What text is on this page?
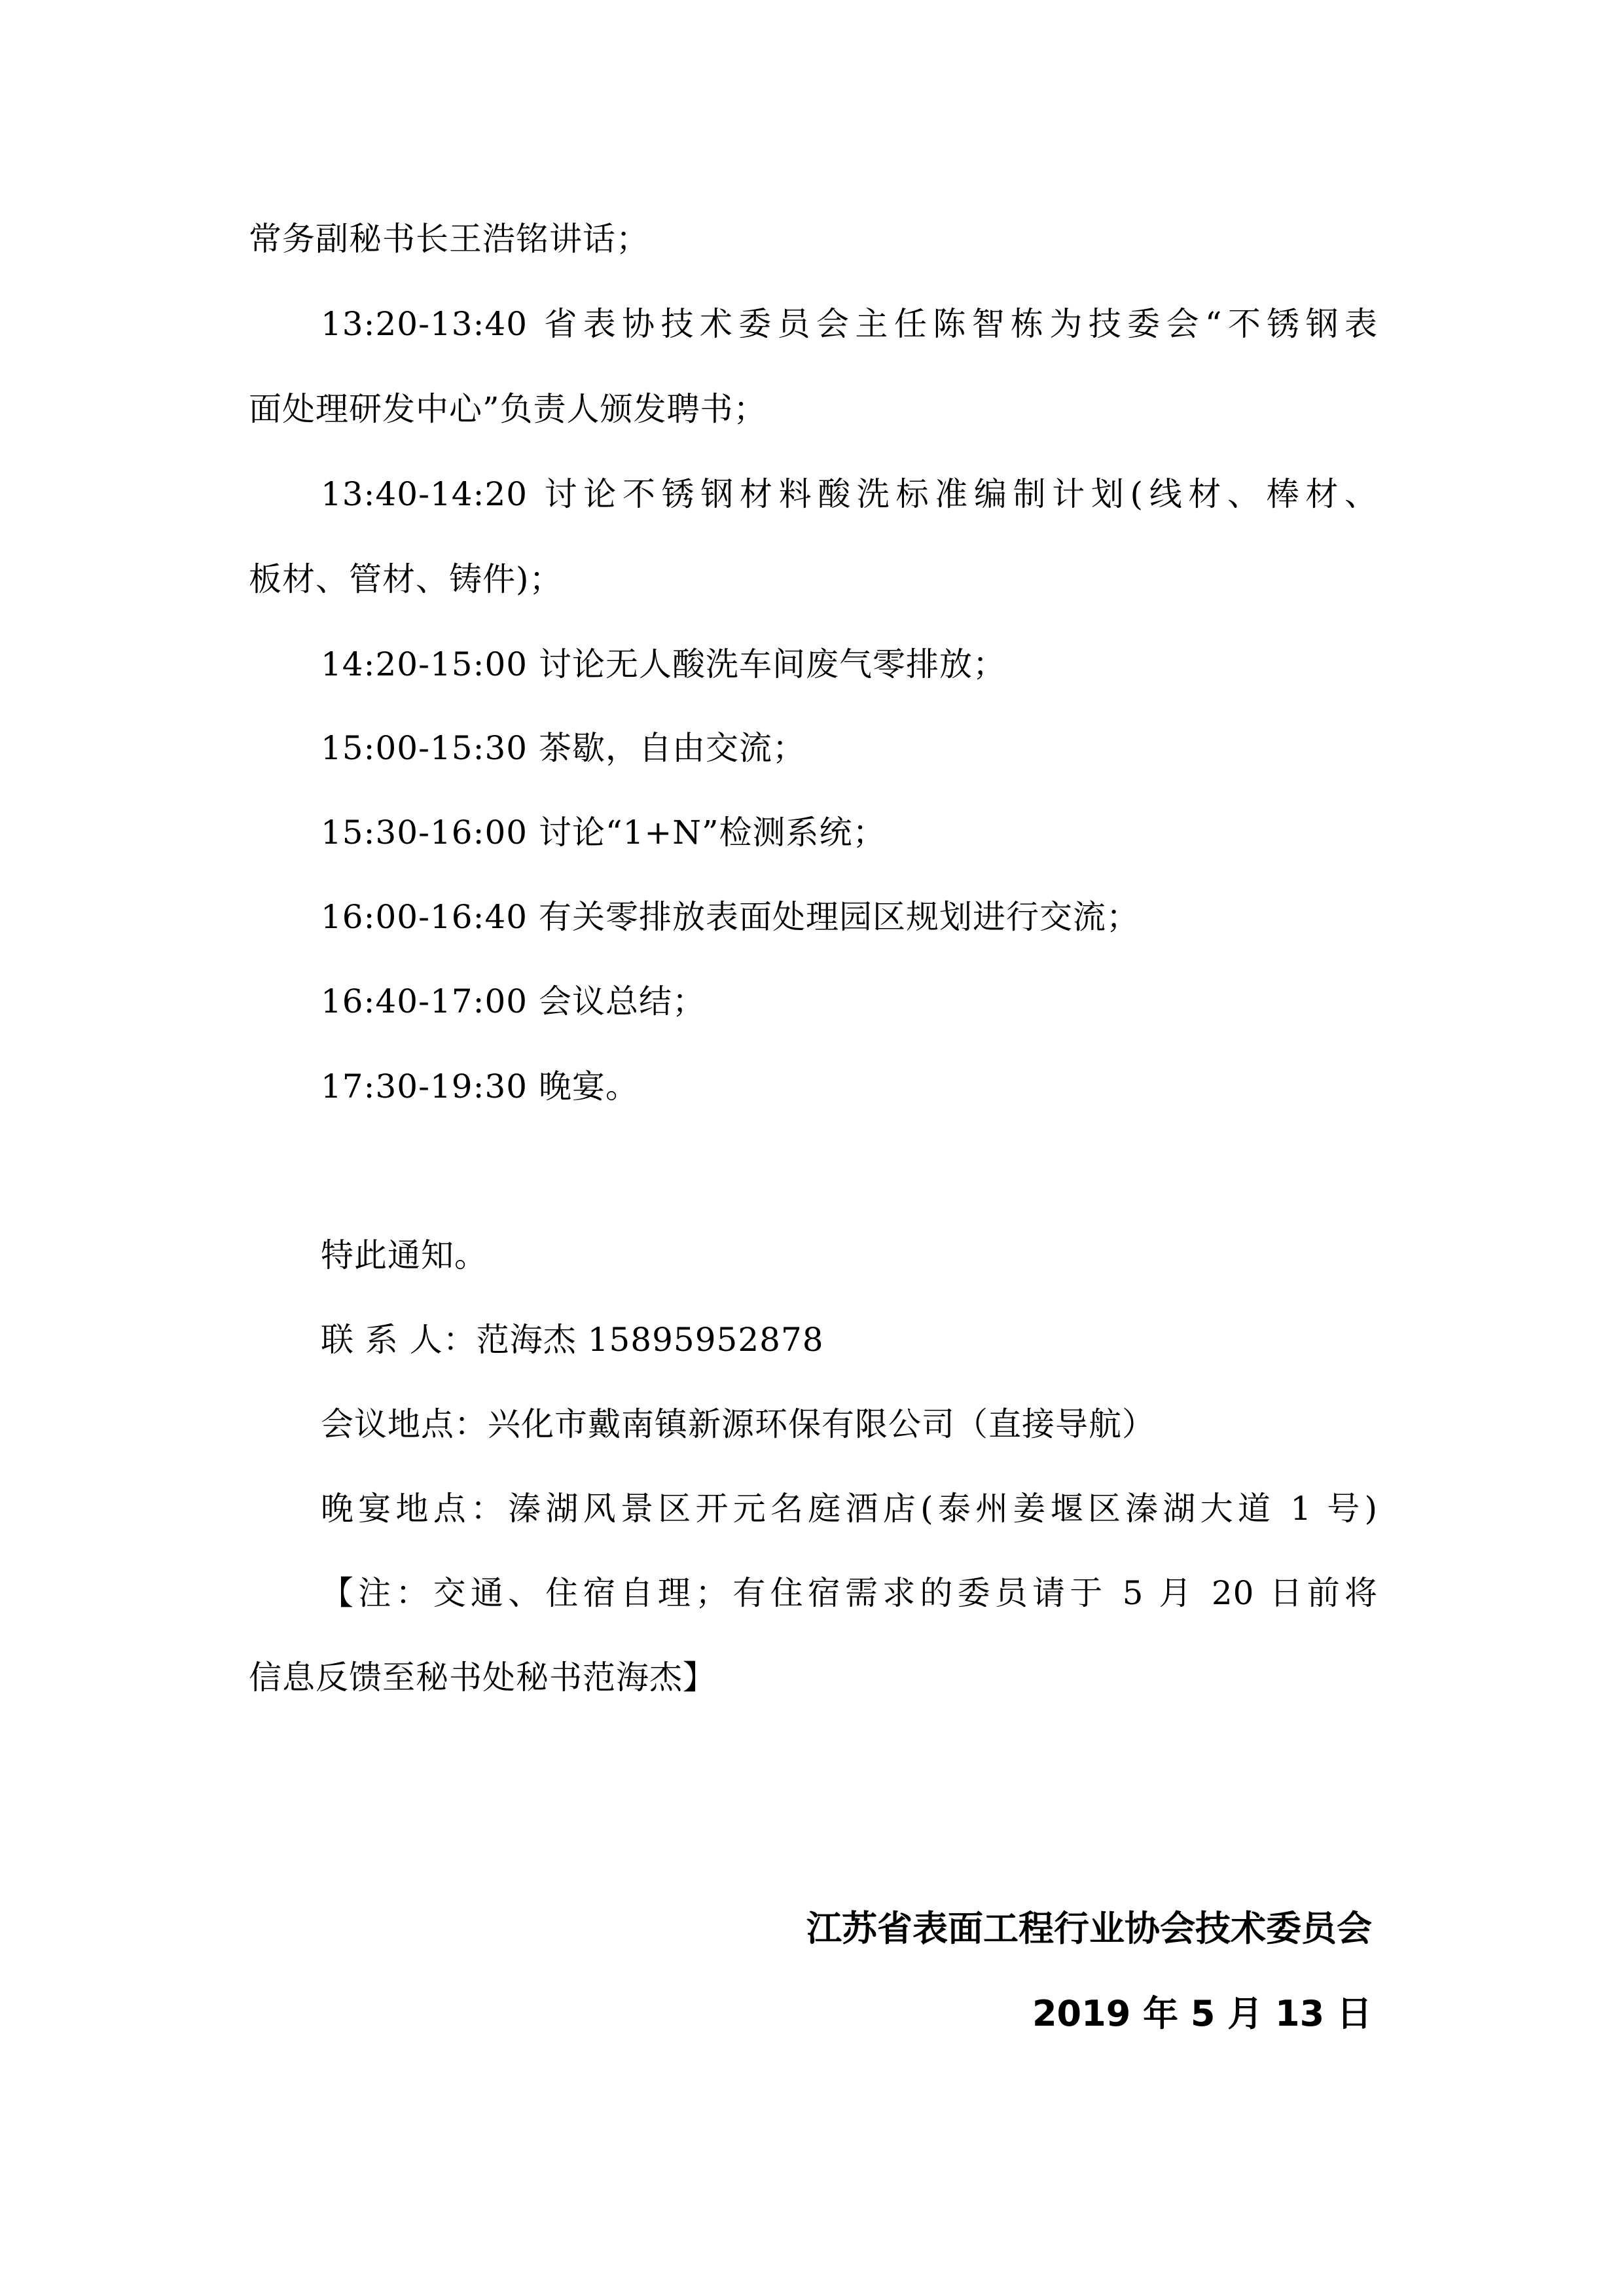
常务副秘书长王浩铭讲话；
13:20-13:40 省表协技术委员会主任陈智栋为技委会“不锈钢表
面处理研发中心”负责人颁发聘书；
13:40-14:20 讨论不锈钢材料酸洗标准编制计划(线材、棒材、
板材、管材、铸件)；
14:20-15:00 讨论无人酸洗车间废气零排放；
15:00-15:30 茶歇，自由交流；
15:30-16:00 讨论“1+N”检测系统；
16:00-16:40 有关零排放表面处理园区规划进行交流；
16:40-17:00 会议总结；
17:30-19:30 晚宴。
特此通知。
联 系 人：范海杰 15895952878
会议地点：兴化市戴南镇新源环保有限公司（直接导航）
晚宴地点：溱湖风景区开元名庭酒店(泰州姜堰区溱湖大道 1 号)
【注：交通、住宿自理；有住宿需求的委员请于 5 月 20 日前将
信息反馈至秘书处秘书范海杰】
江苏省表面工程行业协会技术委员会
2019 年 5 月 13 日
